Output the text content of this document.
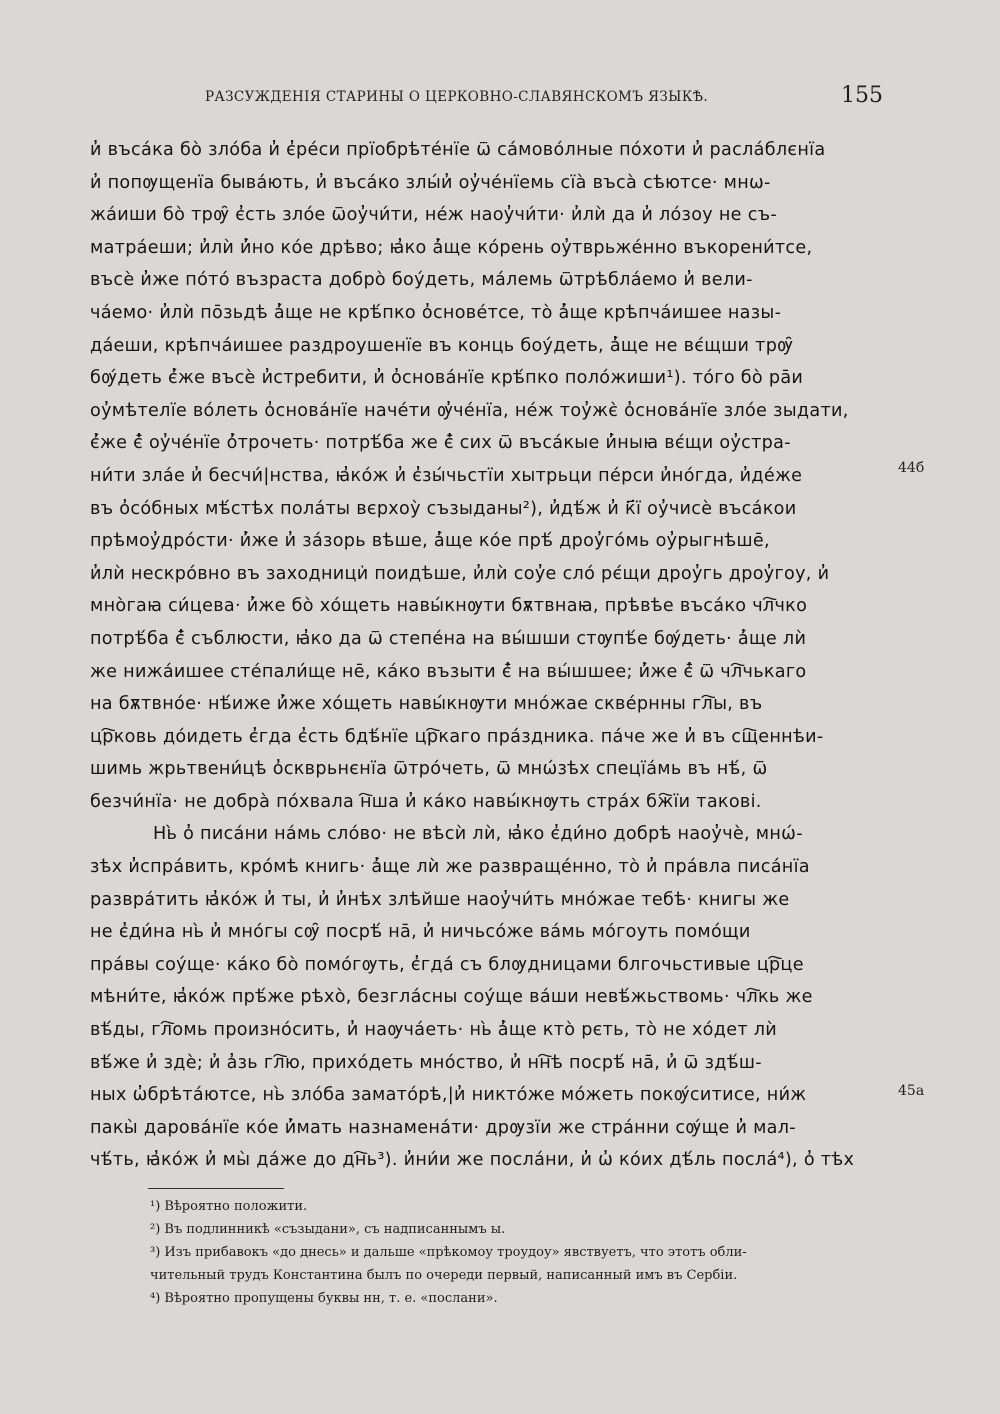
РАЗСУЖДЕНІЯ СТАРИНЫ О ЦЕРКОВНО-СЛАВЯНСКОМЪ ЯЗЫКѢ.	155
и̓ въса́ка бо̀ зло́ба и̓ є̓ре́си прїобрѣте́нїе ѿ са́мово́лные по́хоти и̓ расла́блєнїа
и̓ попѹщенїа быва́ють, и̓ въса́ко злы́и̓ оу̓че́нїемь сїа̀ въса̀ сѣютсе· мнѡ-
жа́иши бо̀ трѹ̑ є̓сть зло́е ѿоу̓чи́ти, не́ж наоу̓чи́ти· и̓лѝ да и̓ ло́зоу не съ-
матра́еши; и̓лѝ и̓́но ко́е дрѣво; ꙗ̓ко а̓́ще ко́рень оу̓тврьже́нно въкорени́тсе,
въсѐ и̓же по́то́ възраста добро̀ боу́деть, ма́лемь ѿтрѣбла́емо и̓ вели-
ча́емо· и̓лѝ по̄зьдѣ а̓́ще не крѣ́пко о̓снове́тсе, то̀ а̓́ще крѣпча́ишее назы-
да́еши, крѣпча́ишее раздроушенїе въ конць боу́деть, а̓́ще не вє́щши трѹ̑
бѹ́деть є̓́же въсѐ и̓стребити, и̓ о̓снова́нїе крѣ́пко поло́жиши¹). то́го бо̀ ра̄и
оу̓мѣтелїе во́леть о̓снова́нїе наче́ти ѹ̓че́нїа, не́ж тоу̓жє̀ о̓снова́нїе зло́е зыдати,
є̓́же є̓̄ оу̓че́нїе о̓́трочеть· потрѣ́ба же є̓̄ сих ѿ въса́кые и̓́ныꙗ вє́щи оу̓стра-
ни́ти зла́е и̓ бесчи́|нства, ꙗ̓ко́ж и̓ є̓зы́чьстїи хытрьци пе́рси и̓но́гда, и̓де́же
въ о̓со́бныx мѣ́стѣx пола́ты вєрхоу̀ съзыданы²), и̓дѣ́ж и̓ к҃ї оу̓чисѐ въса́кои
прѣмоу̓дро́сти· и̓́же и̓ за́зорь вѣше, а̓́ще ко́е прѣ́ дроу̓го́мь оу̓рыгнѣше̄,
и̓лѝ нескро́вно въ заходници̇ поидѣше, и̓лѝ соу̓е сло́ рє́щи дроу̓гь дроу̓гоу, и̓
мно̀гаꙗ си́цева· и̓́же бо̀ хо́щеть навы́кнѹти бѫтвнаꙗ, прѣвѣе въса́ко чл҇чко
потрѣ́ба є̓̄ съблюсти, ꙗ̓ко да ѿ степе́на на вы́шши стѹпѣ́е бѹ́деть· а̓́ще лѝ
же нижа́ишее сте́пали́ще не̄, ка́ко възыти є̓̄ на вы́шшее; и̓́же є̓̄ ѿ чл҇чькаго
на бѫтвно́е· нѣ́иже и̓́же хо́щеть навы́кнѹти мно́жае скве́рнны гл҇ы, въ
цр҇ковь до́идеть є̓гда є̓сть бдѣ́нїе цр҇каго пра́здника. па́че же и̓ въ сщ҇еннѣи-
шимь жрьтвени́цѣ о̓скврьнєнїа ѿтро́четь, ѿ мнѡ́зѣx спецїа́мь въ нѣ́, ѿ
безчи́нїа· не добра̀ по́хвала н҇ша и̓ ка́ко навы́кнѹть стра́x бж҇їи такові.
Нь̀ о̓ писа́ни на́мь сло́во· не вѣсѝ лѝ, ꙗ̓ко є̓ди́но добрѣ наоу̓чѐ, мнѡ́-
зѣx и̓спра́вить, кро́мѣ книгь· а̓́ще лѝ же развраще́нно, то̀ и̓ пра́вла писа́нїа
развра́тить ꙗ̓ко́ж и̓ ты, и̓ и̓нѣx злѣйше наоу̓чи́ть мно́жае тебѣ· книгы же
не є̓ди́на нь̀ и̓ мно́гы сѹ̑ посрѣ́ на̄, и̓ ничьсо́же ва́мь мо́гоуть помо́щи
пра́вы соу́ще· ка́ко бо̀ помо́гѹть, є̓гда́ съ блѹдницами блгочьстивые цр҇це
мѣни́те, ꙗ̓ко́ж прѣ́же рѣхо̀, безгла́сны соу́ще ва́ши невѣ́жьствомь· чл҇кь же
вѣ́ды, гл҇омь произно́сить, и̓ наѹча́еть· нь̀ а̓́ще кто̀ рєть, то̀ не хо́дет лѝ
вѣ́же и̓ здѐ; и̓ а̓зь гл҇ю, прихо́деть мно́ство, и̓ нн҇ѣ посрѣ́ на̄, и̓ ѿ здѣ́ш-
ныx ѡ̓брѣта́ютсе, нь̀ зло́ба замато́рѣ,|и̓ никто́же мо́жеть покѹ́ситисе, ни́ж
пакы̀ дарова́нїе ко́е и̓́мать назнамена́ти· дрѹзїи же стра́нни сѹ́ще и̓ мал-
чѣ́ть, ꙗ̓ко́ж и̓ мы̀ да́же до дн҇ь³). и̓ни́и же посла́ни, и̓ ѡ̓ ко́иx дѣ́ль посла́⁴), о̓ тѣx
44б
45а
¹) Вѣроятно положити.
²) Въ подлинникѣ «съзыдани», съ надписаннымъ ы.
³) Изъ прибавокъ «до днесь» и дальше «прѣкомоу троудоу» явствуетъ, что этотъ обли-
чительный трудъ Константина былъ по очереди первый, написанный имъ въ Сербіи.
⁴) Вѣроятно пропущены буквы нн, т. е. «послани».
